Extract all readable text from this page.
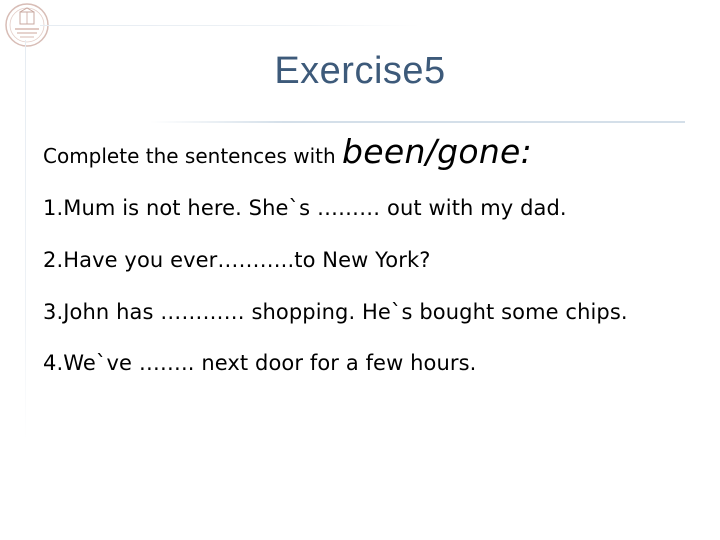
Exercise5
Complete the sentences with been/gone:
1.Mum is not here. She`s ……… out with my dad.
2.Have you ever………..to New York?
3.John has ………… shopping. He`s bought some chips.
4.We`ve …….. next door for a few hours.
